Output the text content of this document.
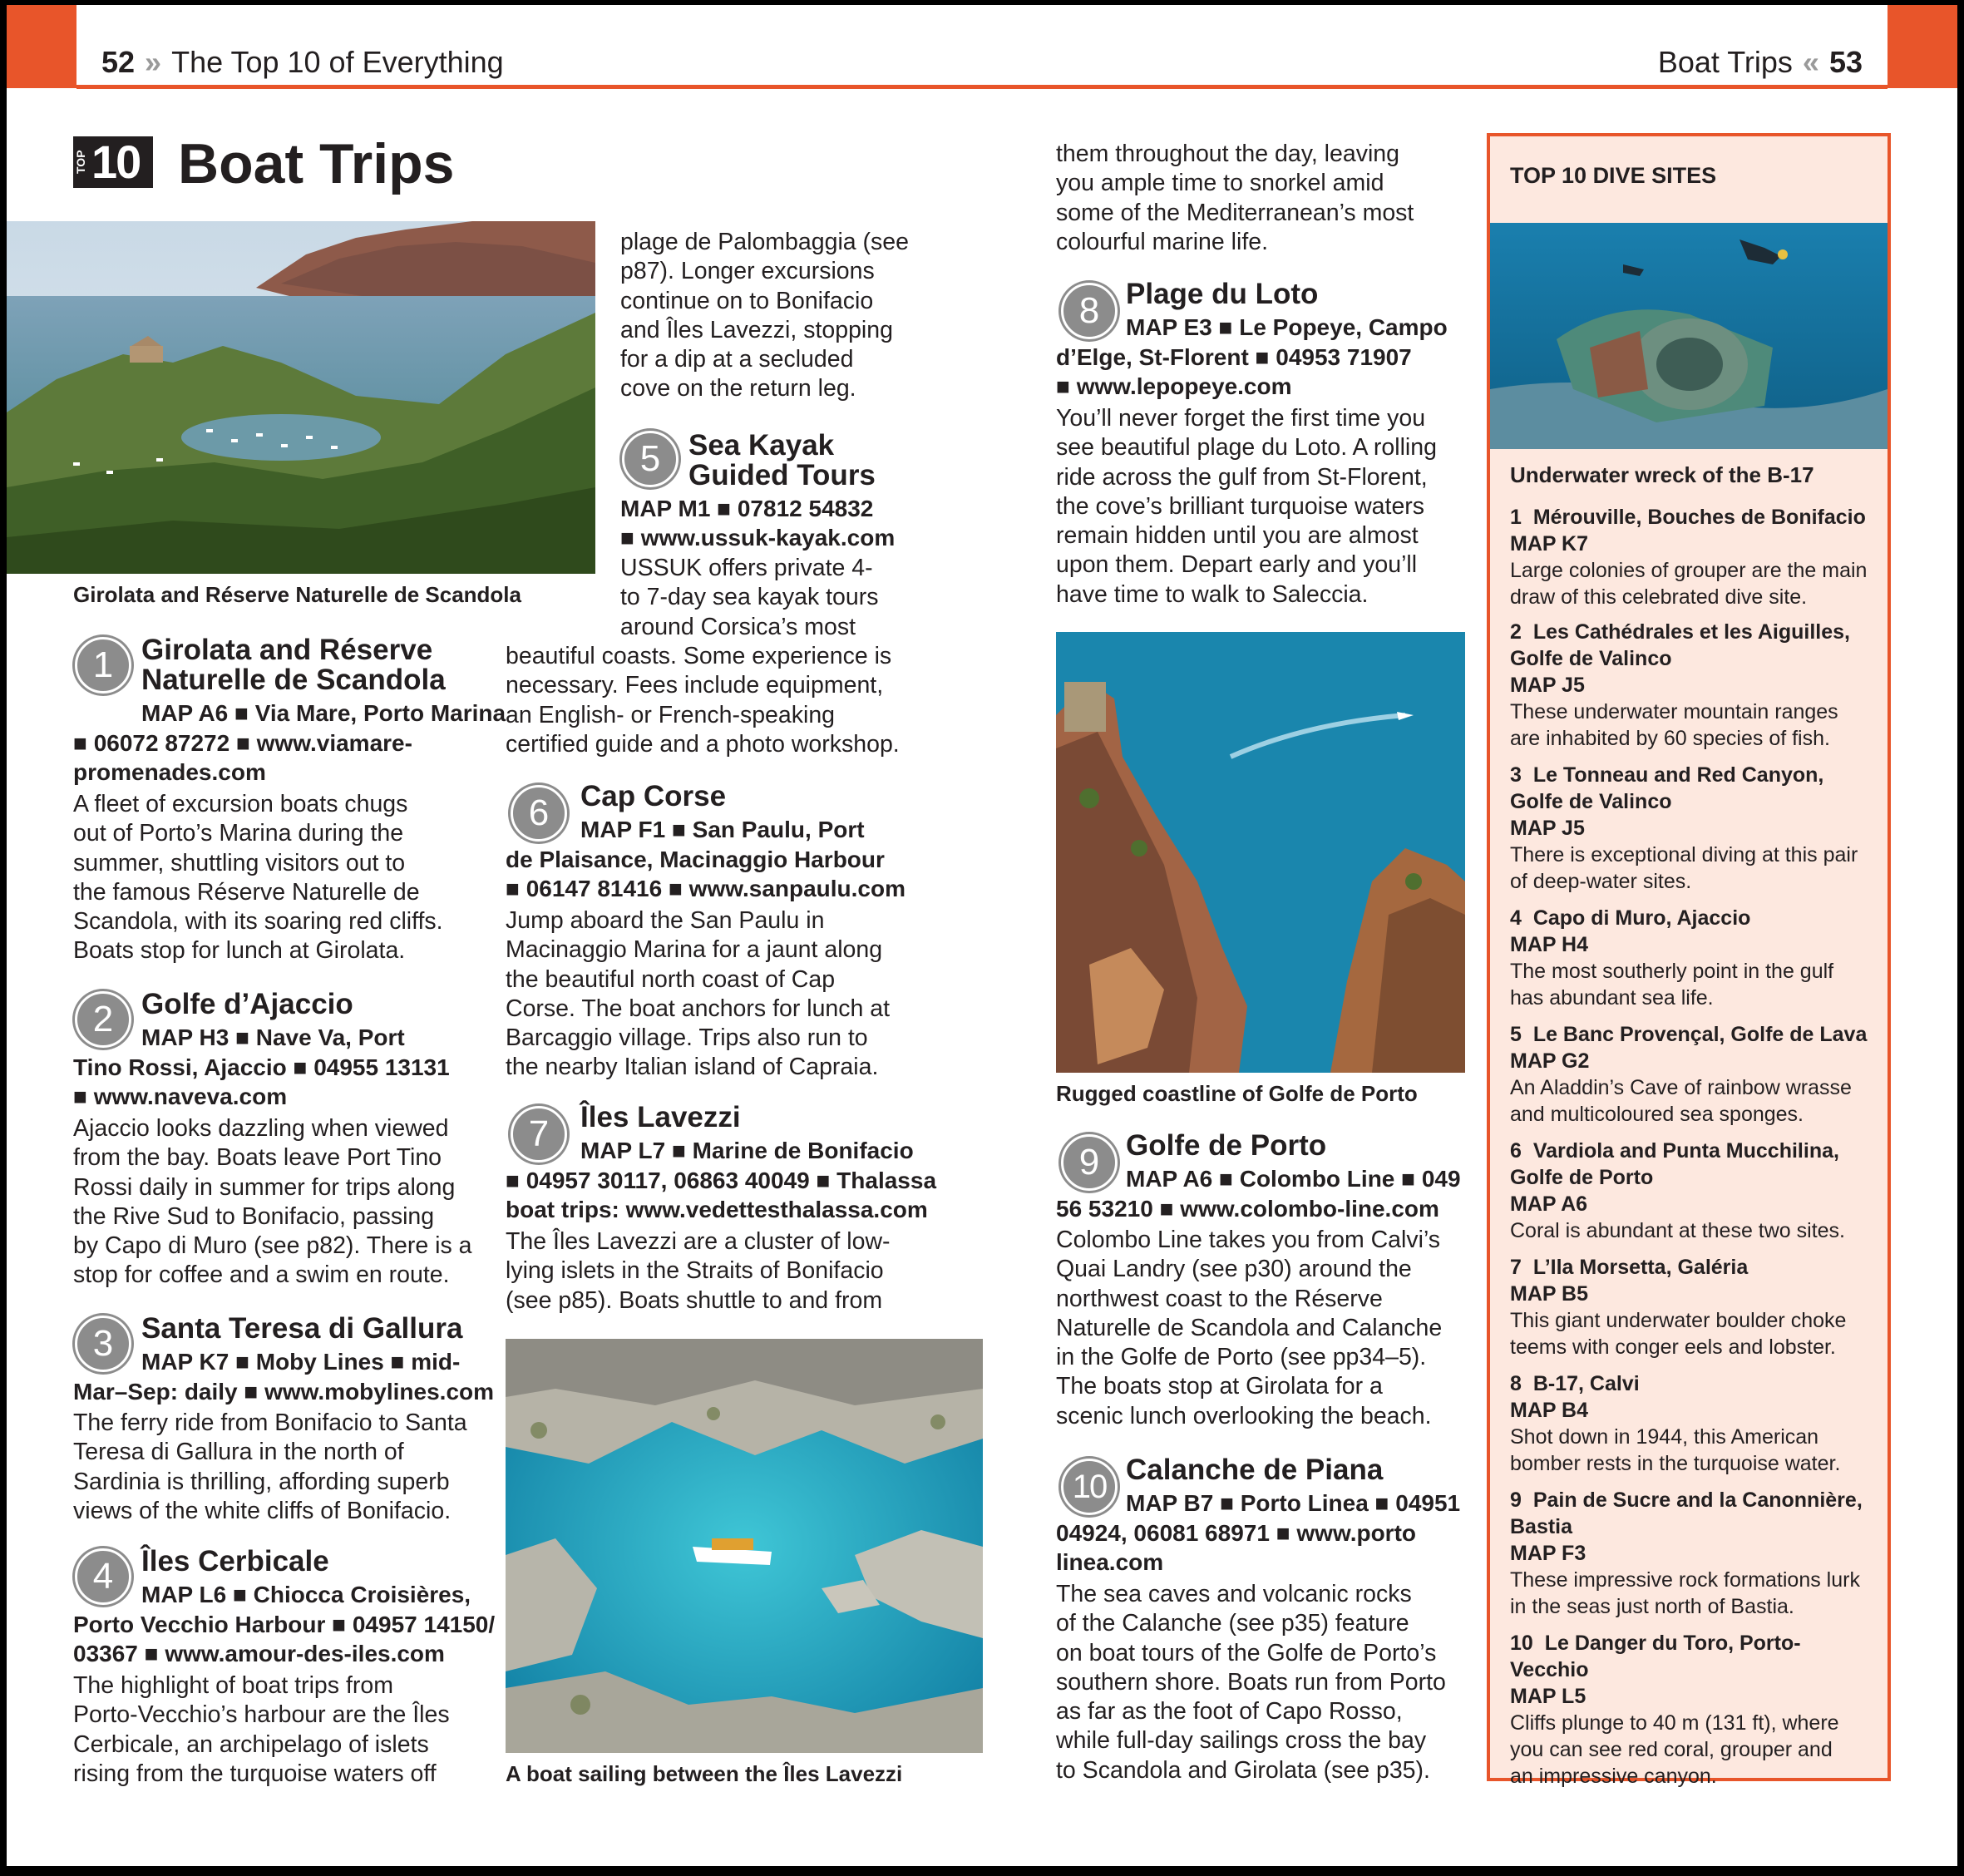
52 » The Top 10 of Everything	Boat Trips « 53
TOP 10 Boat Trips
Girolata and Réserve Naturelle de Scandola
1 Girolata and Réserve
Naturelle de Scandola
MAP A6 ■ Via Mare, Porto Marina
■ 06072 87272 ■ www.viamare-
promenades.com

A fleet of excursion boats chugs

out of Porto’s Marina during the

summer, shuttling visitors out to

the famous Réserve Naturelle de

Scandola, with its soaring red cliffs.

Boats stop for lunch at Girolata.

2 Golfe d’Ajaccio
MAP H3 ■ Nave Va, Port
Tino Rossi, Ajaccio ■ 04955 13131
■ www.naveva.com

Ajaccio looks dazzling when viewed

from the bay. Boats leave Port Tino

Rossi daily in summer for trips along

the Rive Sud to Bonifacio, passing

by Capo di Muro (see p82). There is a

stop for coffee and a swim en route.

3 Santa Teresa di Gallura
MAP K7 ■ Moby Lines ■ mid-
Mar–Sep: daily ■ www.mobylines.com

The ferry ride from Bonifacio to Santa

Teresa di Gallura in the north of

Sardinia is thrilling, affording superb

views of the white cliffs of Bonifacio.

4 Îles Cerbicale
MAP L6 ■ Chiocca Croisières,
Porto Vecchio Harbour ■ 04957 14150/
03367 ■ www.amour-des-iles.com

The highlight of boat trips from

Porto-Vecchio’s harbour are the Îles

Cerbicale, an archipelago of islets

rising from the turquoise waters off

plage de Palombaggia (see

p87). Longer excursions

continue on to Bonifacio

and Îles Lavezzi, stopping

for a dip at a secluded

cove on the return leg.

5 Sea Kayak
Guided Tours
MAP M1 ■ 07812 54832
■ www.ussuk-kayak.com

USSUK offers private 4-

to 7-day sea kayak tours

around Corsica’s most

beautiful coasts. Some experience is

necessary. Fees include equipment,

an English- or French-speaking

certified guide and a photo workshop.

6	Cap Corse
MAP F1 ■ San Paulu, Port
de Plaisance, Macinaggio Harbour
■ 06147 81416 ■ www.sanpaulu.com

Jump aboard the San Paulu in

Macinaggio Marina for a jaunt along

the beautiful north coast of Cap

Corse. The boat anchors for lunch at

Barcaggio village. Trips also run to

the nearby Italian island of Capraia.

7	Îles Lavezzi
MAP L7 ■ Marine de Bonifacio
■ 04957 30117, 06863 40049 ■ Thalassa
boat trips: www.vedettesthalassa.com

The Îles Lavezzi are a cluster of low-

lying islets in the Straits of Bonifacio

(see p85). Boats shuttle to and from

A boat sailing between the Îles Lavezzi

them throughout the day, leaving

you ample time to snorkel amid

some of the Mediterranean’s most

colourful marine life.

8 Plage du Loto
MAP E3 ■ Le Popeye, Campo
d’Elge, St-Florent ■ 04953 71907
■ www.lepopeye.com

You’ll never forget the first time you

see beautiful plage du Loto. A rolling

ride across the gulf from St-Florent,

the cove’s brilliant turquoise waters

remain hidden until you are almost

upon them. Depart early and you’ll

have time to walk to Saleccia.

Rugged coastline of Golfe de Porto
9 Golfe de Porto
MAP A6 ■ Colombo Line ■ 049
56 53210 ■ www.colombo-line.com

Colombo Line takes you from Calvi’s

Quai Landry (see p30) around the

northwest coast to the Réserve

Naturelle de Scandola and Calanche

in the Golfe de Porto (see pp34–5).

The boats stop at Girolata for a

scenic lunch overlooking the beach.

10 Calanche de Piana
MAP B7 ■ Porto Linea ■ 04951
04924, 06081 68971 ■ www.porto
linea.com

The sea caves and volcanic rocks

of the Calanche (see p35) feature

on boat tours of the Golfe de Porto’s

southern shore. Boats run from Porto

as far as the foot of Capo Rosso,

while full-day sailings cross the bay

to Scandola and Girolata (see p35).

TOP 10 DIVE SITES
Underwater wreck of the B-17
1 Mérouville, Bouches de Bonifacio
MAP K7
Large colonies of grouper are the main
draw of this celebrated dive site.
2 Les Cathédrales et les Aiguilles,
Golfe de Valinco
MAP J5
These underwater mountain ranges
are inhabited by 60 species of fish.
3 Le Tonneau and Red Canyon,
Golfe de Valinco
MAP J5
There is exceptional diving at this pair
of deep-water sites.
4 Capo di Muro, Ajaccio
MAP H4
The most southerly point in the gulf
has abundant sea life.
5 Le Banc Provençal, Golfe de Lava
MAP G2
An Aladdin’s Cave of rainbow wrasse
and multicoloured sea sponges.
6 Vardiola and Punta Mucchilina,
Golfe de Porto
MAP A6
Coral is abundant at these two sites.
7 L’Ila Morsetta, Galéria
MAP B5
This giant underwater boulder choke
teems with conger eels and lobster.
8 B-17, Calvi
MAP B4
Shot down in 1944, this American
bomber rests in the turquoise water.
9 Pain de Sucre and la Canonnière,
Bastia
MAP F3
These impressive rock formations lurk
in the seas just north of Bastia.
10 Le Danger du Toro, Porto-Vecchio
MAP L5
Cliffs plunge to 40 m (131 ft), where
you can see red coral, grouper and
an impressive canyon.
